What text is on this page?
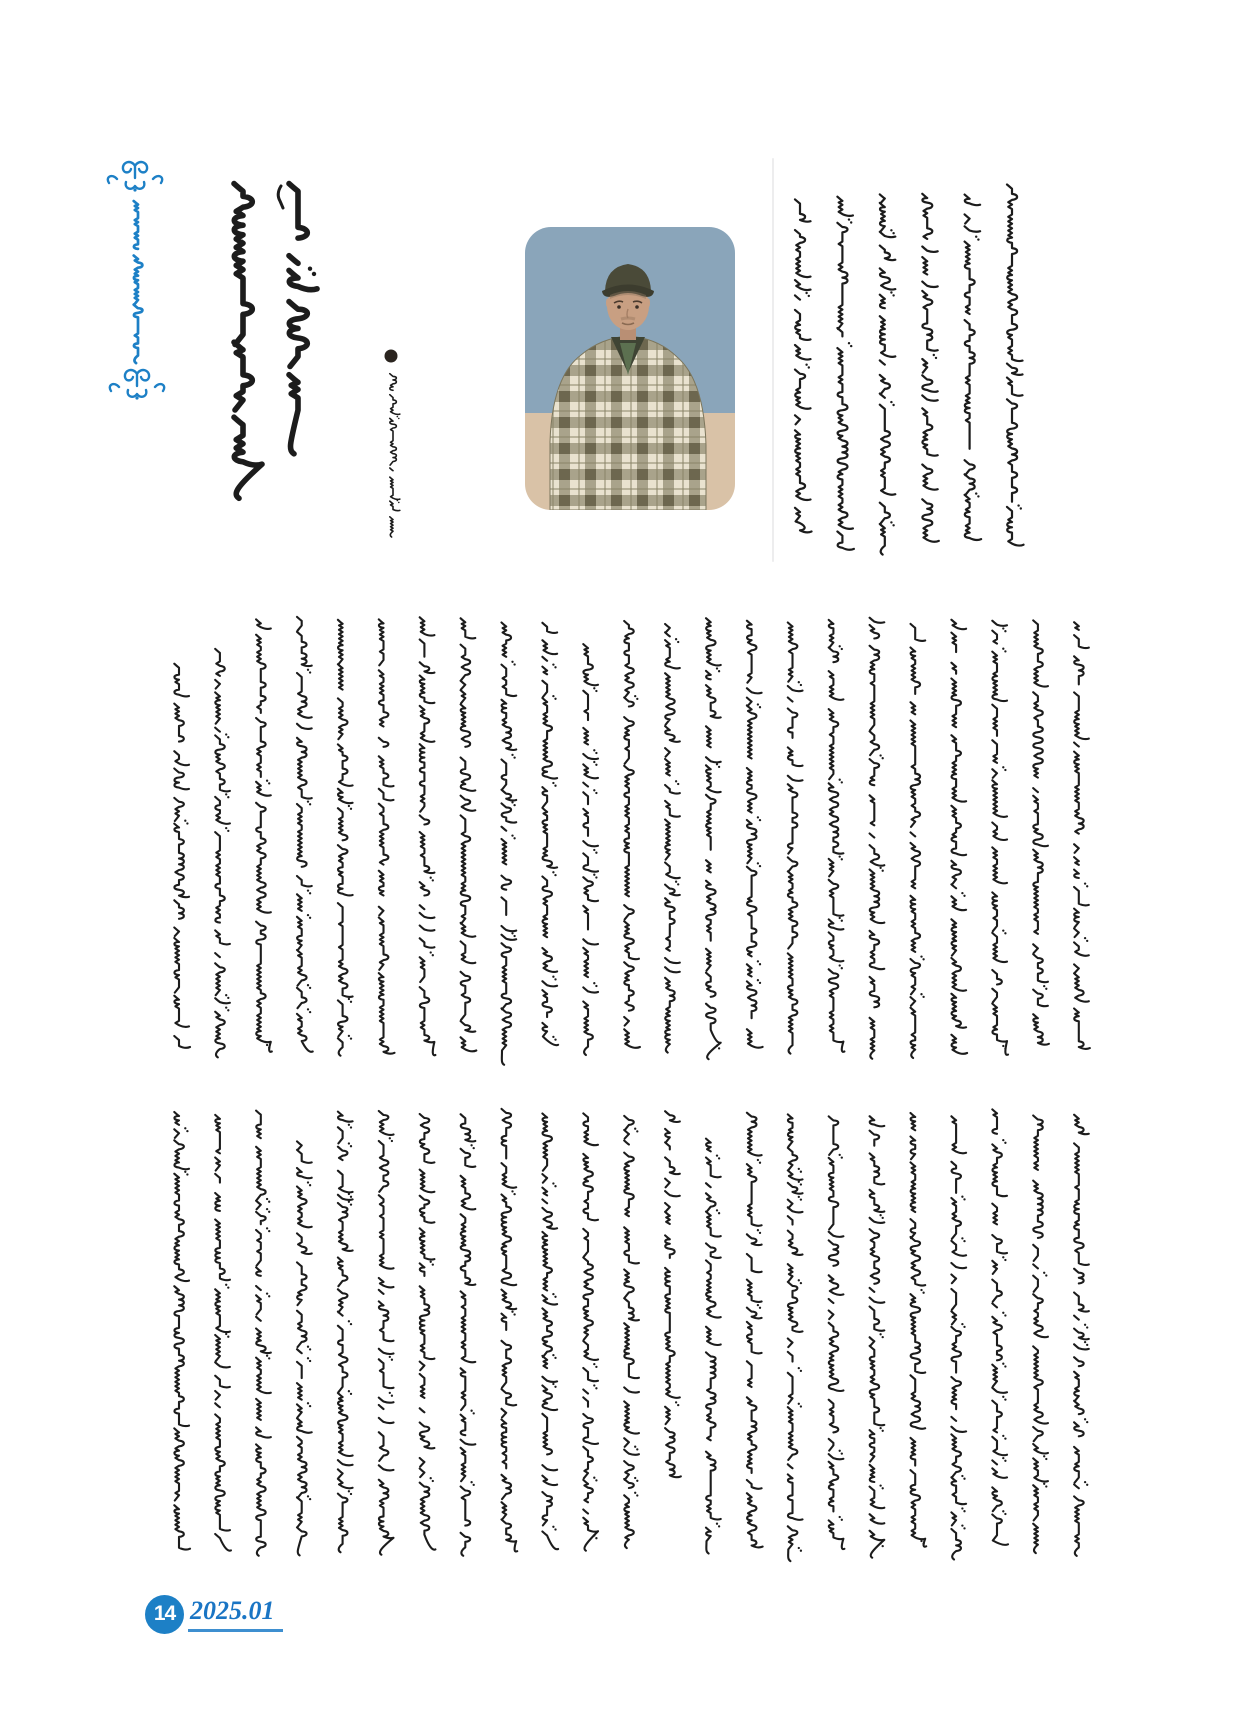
14 2025.01
